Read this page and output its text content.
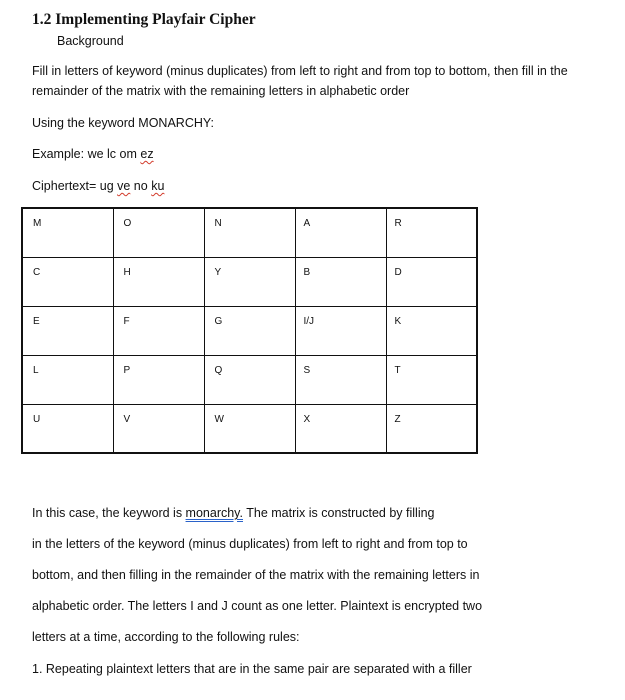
1.2 Implementing Playfair Cipher
Background
Fill in letters of keyword (minus duplicates) from left to right and from top to bottom, then fill in the remainder of the matrix with the remaining letters in alphabetic order
Using the keyword MONARCHY:
Example: we lc om ez
Ciphertext= ug ve no ku
M	O	N	A	R

C	H	Y	B	D

E	F	G	I/J	K

L	P	Q	S	T

U	V	W	X	Z
In this case, the keyword is monarchy. The matrix is constructed by filling
in the letters of the keyword (minus duplicates) from left to right and from top to
bottom, and then filling in the remainder of the matrix with the remaining letters in
alphabetic order. The letters I and J count as one letter. Plaintext is encrypted two
letters at a time, according to the following rules:
1. Repeating plaintext letters that are in the same pair are separated with a filler
